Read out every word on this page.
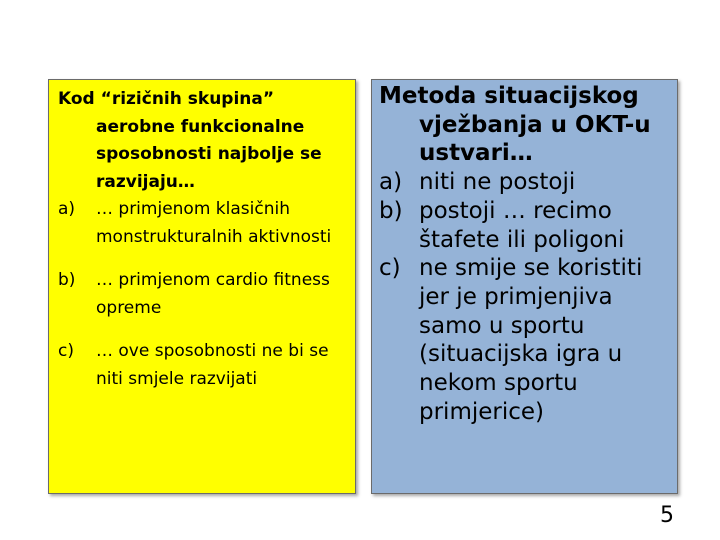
Kod “rizičnih skupina”
aerobne funkcionalne sposobnosti najbolje se razvijaju…
a) … primjenom klasičnih monstrukturalnih aktivnosti
b) … primjenom cardio fitness opreme
c) … ove sposobnosti ne bi se niti smjele razvijati
Metoda situacijskog
vježbanja u OKT-u ustvari…
a) niti ne postoji
b) postoji … recimo štafete ili poligoni
c) ne smije se koristiti jer je primjenjiva samo u sportu (situacijska igra u nekom sportu primjerice)
5
